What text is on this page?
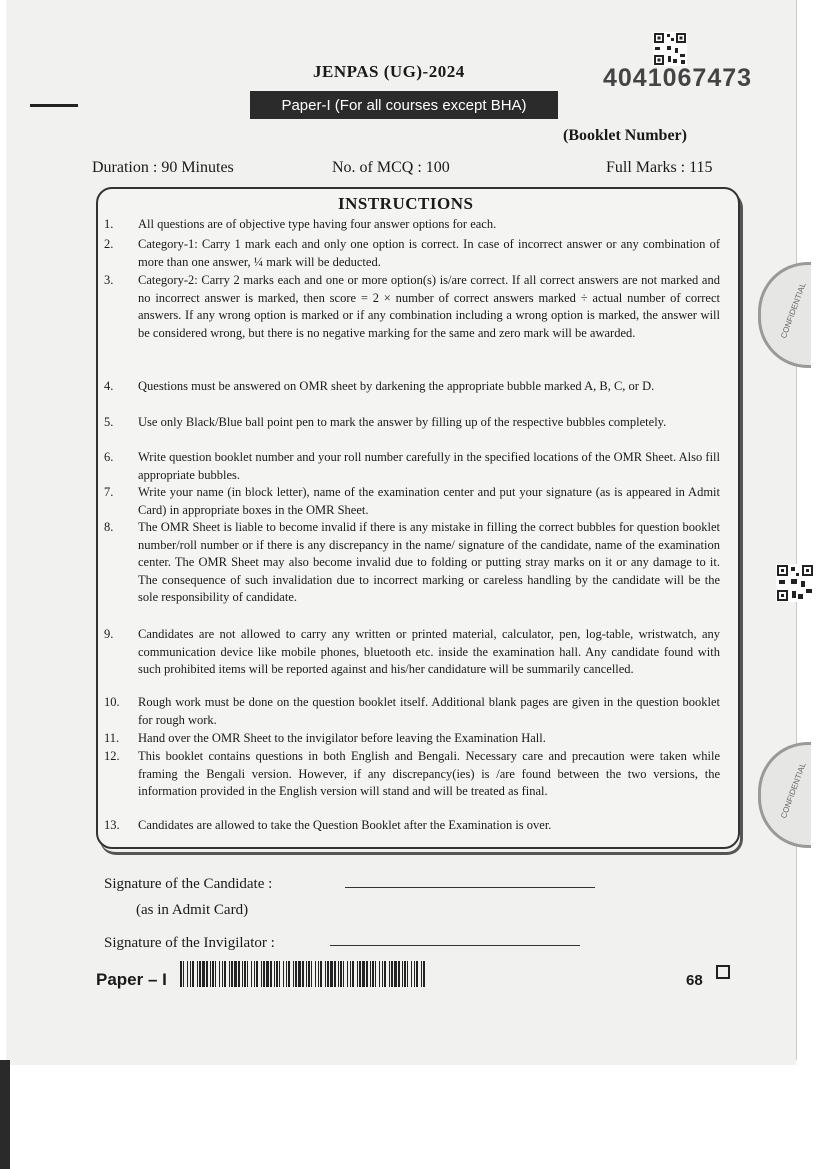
JENPAS (UG)-2024
Paper-I (For all courses except BHA)
4041067473
(Booklet Number)
Duration : 90 Minutes	No. of MCQ : 100	Full Marks : 115
INSTRUCTIONS
1.	All questions are of objective type having four answer options for each.
2.	Category-1: Carry 1 mark each and only one option is correct. In case of incorrect answer or any combination of more than one answer, ¼ mark will be deducted.
3.	Category-2: Carry 2 marks each and one or more option(s) is/are correct. If all correct answers are not marked and no incorrect answer is marked, then score = 2 × number of correct answers marked ÷ actual number of correct answers. If any wrong option is marked or if any combination including a wrong option is marked, the answer will be considered wrong, but there is no negative marking for the same and zero mark will be awarded.
4.	Questions must be answered on OMR sheet by darkening the appropriate bubble marked A, B, C, or D.
5.	Use only Black/Blue ball point pen to mark the answer by filling up of the respective bubbles completely.
6.	Write question booklet number and your roll number carefully in the specified locations of the OMR Sheet. Also fill appropriate bubbles.
7.	Write your name (in block letter), name of the examination center and put your signature (as is appeared in Admit Card) in appropriate boxes in the OMR Sheet.
8.	The OMR Sheet is liable to become invalid if there is any mistake in filling the correct bubbles for question booklet number/roll number or if there is any discrepancy in the name/ signature of the candidate, name of the examination center. The OMR Sheet may also become invalid due to folding or putting stray marks on it or any damage to it. The consequence of such invalidation due to incorrect marking or careless handling by the candidate will be the sole responsibility of candidate.
9.	Candidates are not allowed to carry any written or printed material, calculator, pen, log-table, wristwatch, any communication device like mobile phones, bluetooth etc. inside the examination hall. Any candidate found with such prohibited items will be reported against and his/her candidature will be summarily cancelled.
10.	Rough work must be done on the question booklet itself. Additional blank pages are given in the question booklet for rough work.
11.	Hand over the OMR Sheet to the invigilator before leaving the Examination Hall.
12.	This booklet contains questions in both English and Bengali. Necessary care and precaution were taken while framing the Bengali version. However, if any discrepancy(ies) is /are found between the two versions, the information provided in the English version will stand and will be treated as final.
13.	Candidates are allowed to take the Question Booklet after the Examination is over.
Signature of the Candidate :
(as in Admit Card)
Signature of the Invigilator :
Paper – I	68
CONFIDENTIAL
CONFIDENTIAL
